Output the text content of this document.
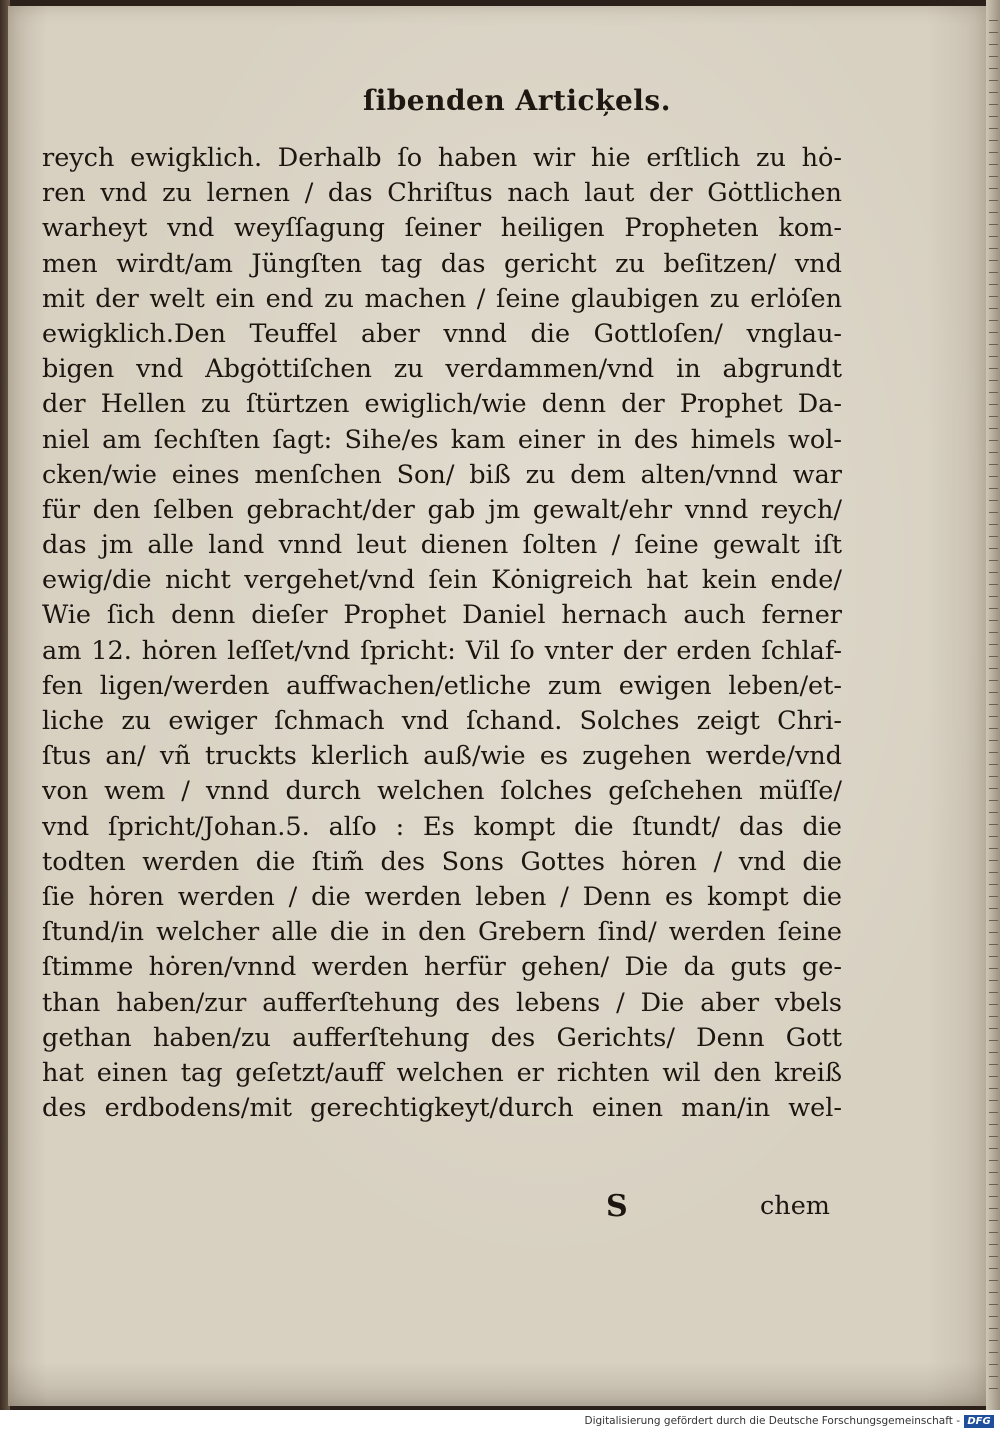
ſibenden Articķels.
reych ewigklich. Derhalb ſo haben wir hie erſtlich zu hȯ-
ren vnd zu lernen / das Chriſtus nach laut der Gȯttlichen
warheyt vnd weyſſagung ſeiner heiligen Propheten kom-
men wirdt/am Jüngſten tag das gericht zu beſitzen/ vnd
mit der welt ein end zu machen / ſeine glaubigen zu erlȯſen
ewigklich.Den Teuffel aber vnnd die Gottloſen/ vnglau-
bigen vnd Abgȯttiſchen zu verdammen/vnd in abgrundt
der Hellen zu ſtürtzen ewiglich/wie denn der Prophet Da-
niel am ſechſten ſagt: Sihe/es kam einer in des himels wol-
cken/wie eines menſchen Son/ biß zu dem alten/vnnd war
für den ſelben gebracht/der gab jm gewalt/ehr vnnd reych/
das jm alle land vnnd leut dienen ſolten / ſeine gewalt iſt
ewig/die nicht vergehet/vnd ſein Kȯnigreich hat kein ende/
Wie ſich denn dieſer Prophet Daniel hernach auch ferner
am 12. hȯren leſſet/vnd ſpricht: Vil ſo vnter der erden ſchlaf-
fen ligen/werden auffwachen/etliche zum ewigen leben/et-
liche zu ewiger ſchmach vnd ſchand. Solches zeigt Chri-
ſtus an/ vñ truckts klerlich auß/wie es zugehen werde/vnd
von wem / vnnd durch welchen ſolches geſchehen müſſe/
vnd ſpricht/Johan.5. alſo : Es kompt die ſtundt/ das die
todten werden die ſtim̃ des Sons Gottes hȯren / vnd die
ſie hȯren werden / die werden leben / Denn es kompt die
ſtund/in welcher alle die in den Grebern ſind/ werden ſeine
ſtimme hȯren/vnnd werden herfür gehen/ Die da guts ge-
than haben/zur aufferſtehung des lebens / Die aber vbels
gethan haben/zu aufferſtehung des Gerichts/ Denn Gott
hat einen tag geſetzt/auff welchen er richten wil den kreiß
des erdbodens/mit gerechtigkeyt/durch einen man/in wel-
S	chem
Digitalisierung gefördert durch die Deutsche Forschungsgemeinschaft - DFG
